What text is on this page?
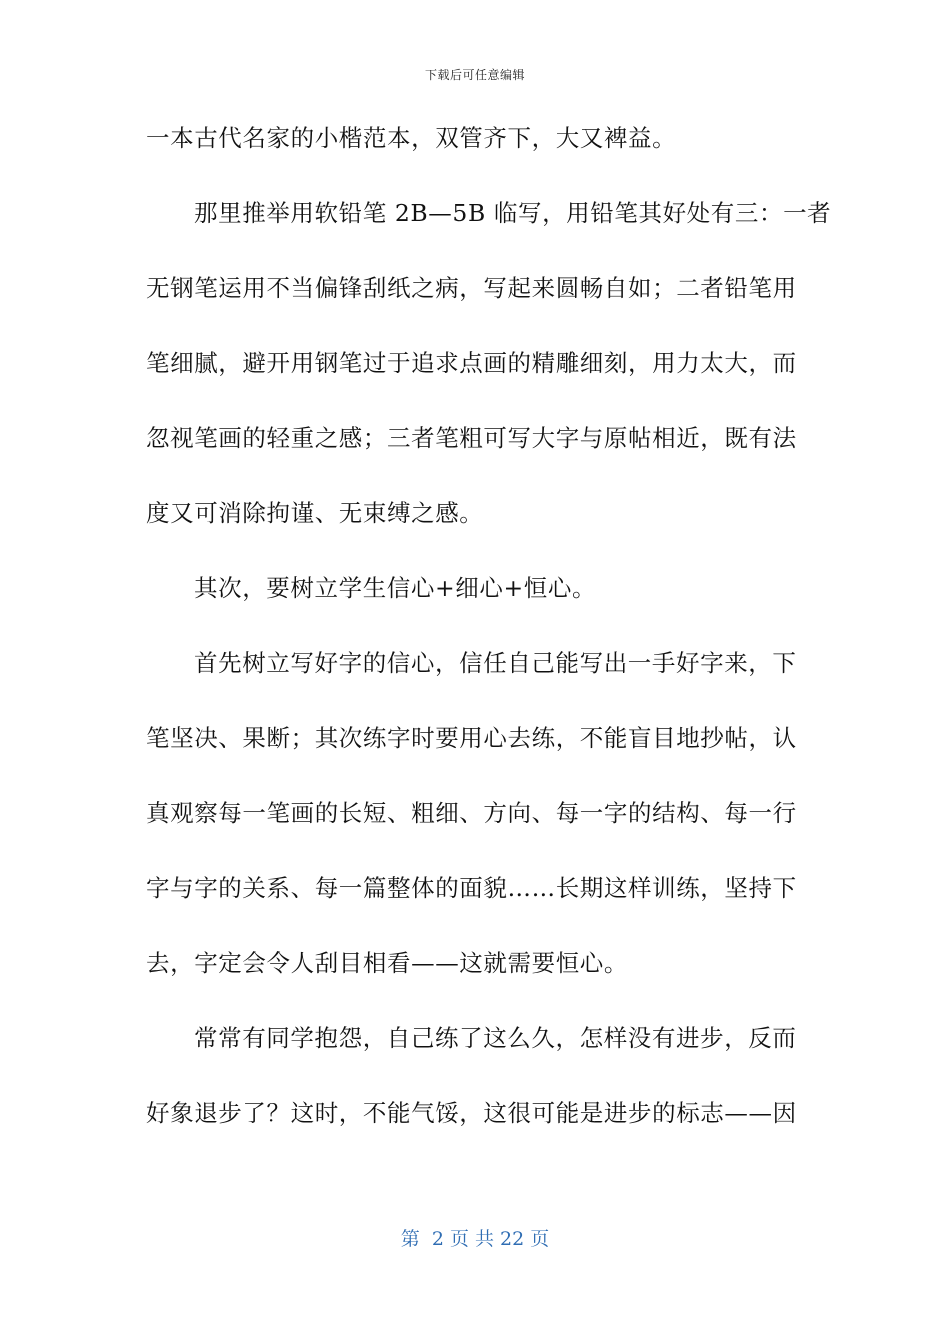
下载后可任意编辑
一本古代名家的小楷范本，双管齐下，大又裨益。
那里推举用软铅笔 2B—5B 临写，用铅笔其好处有三：一者
无钢笔运用不当偏锋刮纸之病，写起来圆畅自如；二者铅笔用
笔细腻，避开用钢笔过于追求点画的精雕细刻，用力太大，而
忽视笔画的轻重之感；三者笔粗可写大字与原帖相近，既有法
度又可消除拘谨、无束缚之感。
其次，要树立学生信心+细心+恒心。
首先树立写好字的信心，信任自己能写出一手好字来，下
笔坚决、果断；其次练字时要用心去练，不能盲目地抄帖，认
真观察每一笔画的长短、粗细、方向、每一字的结构、每一行
字与字的关系、每一篇整体的面貌……长期这样训练，坚持下
去，字定会令人刮目相看——这就需要恒心。
常常有同学抱怨，自己练了这么久，怎样没有进步，反而
好象退步了？这时，不能气馁，这很可能是进步的标志——因
第  2 页 共 22 页
